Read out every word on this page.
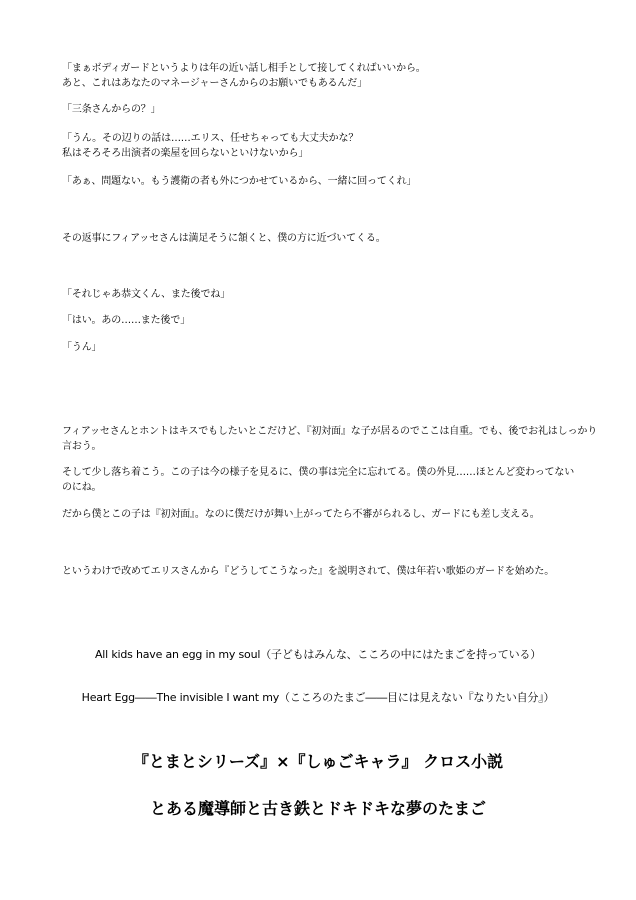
「まぁボディガードというよりは年の近い話し相手として接してくればいいから。
あと、これはあなたのマネージャーさんからのお願いでもあるんだ」
「三条さんからの？」
「うん。その辺りの話は……エリス、任せちゃっても大丈夫かな？
私はそろそろ出演者の楽屋を回らないといけないから」
「あぁ、問題ない。もう護衛の者も外につかせているから、一緒に回ってくれ」
その返事にフィアッセさんは満足そうに頷くと、僕の方に近づいてくる。
「それじゃあ恭文くん、また後でね」
「はい。あの……また後で」
「うん」
フィアッセさんとホントはキスでもしたいとこだけど、『初対面』な子が居るのでここは自重。でも、後でお礼はしっかり
言おう。
そして少し落ち着こう。この子は今の様子を見るに、僕の事は完全に忘れてる。僕の外見……ほとんど変わってない
のにね。
だから僕とこの子は『初対面』。なのに僕だけが舞い上がってたら不審がられるし、ガードにも差し支える。
というわけで改めてエリスさんから『どうしてこうなった』を説明されて、僕は年若い歌姫のガードを始めた。
All kids have an egg in my soul（子どもはみんな、こころの中にはたまごを持っている）
Heart Egg――The invisible I want my（こころのたまご――目には見えない『なりたい自分』）
『とまとシリーズ』×『しゅごキャラ』 クロス小説
とある魔導師と古き鉄とドキドキな夢のたまご
